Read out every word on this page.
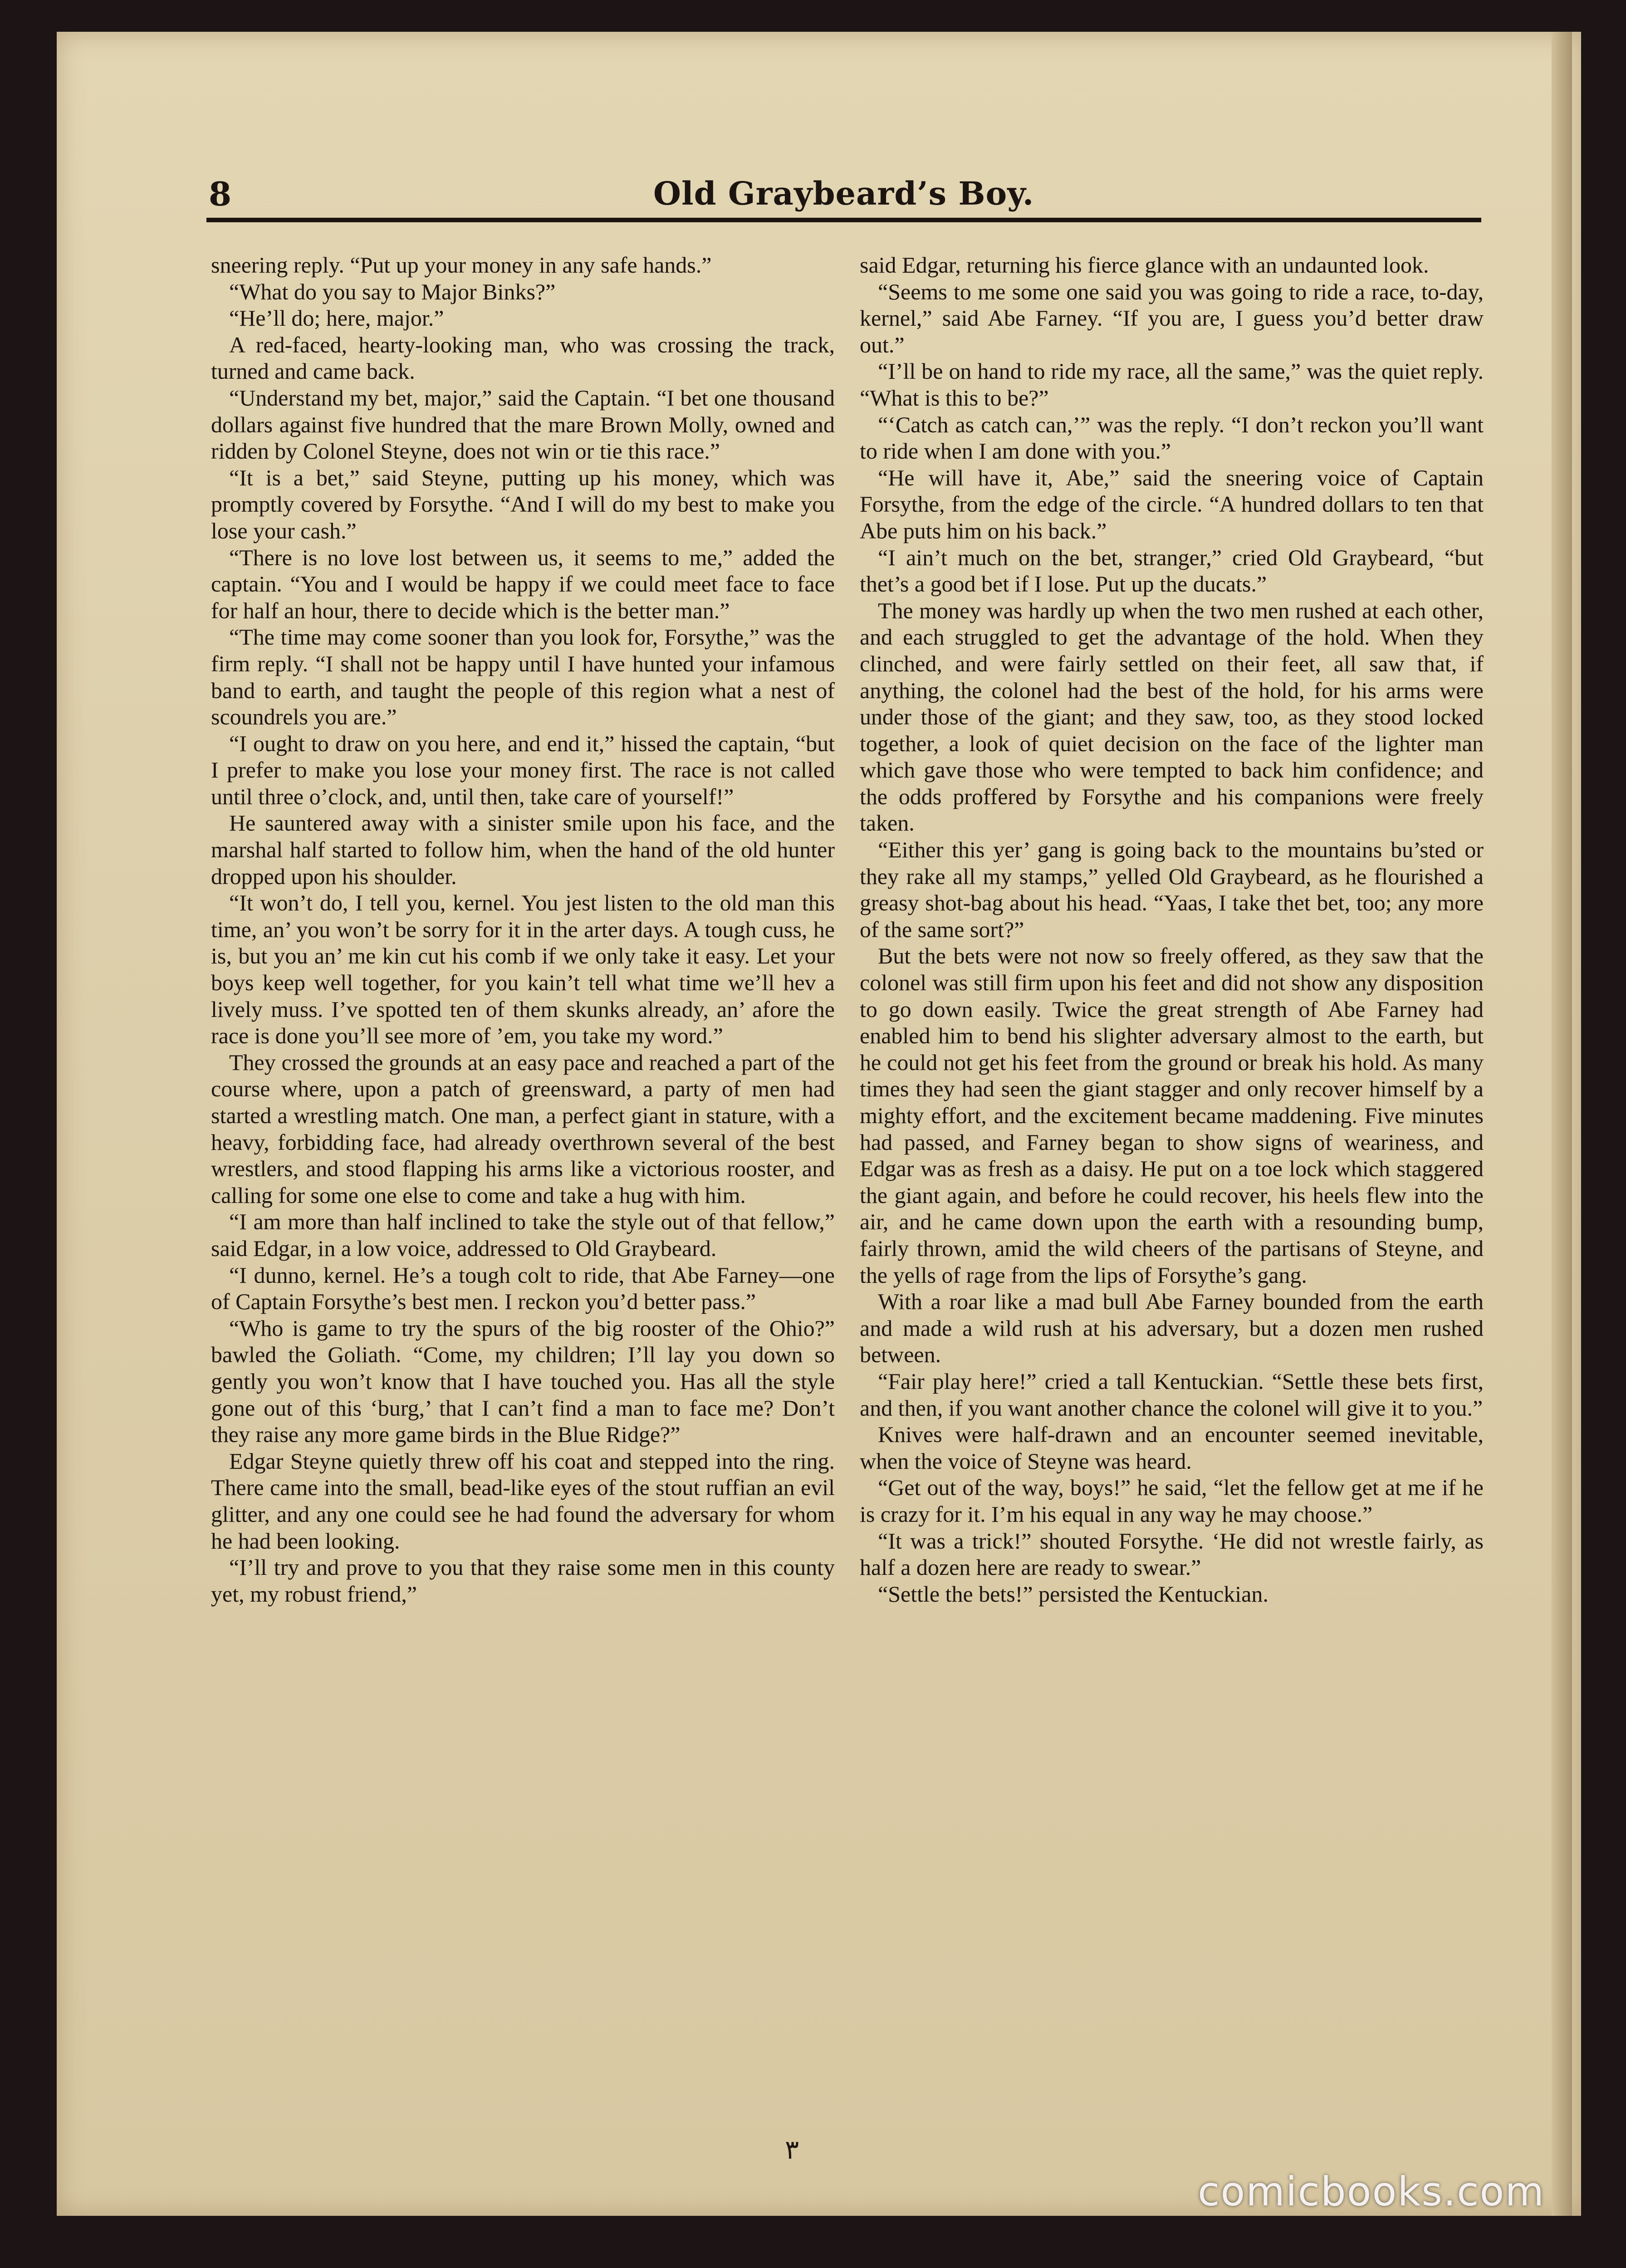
8	Old Graybeard’s Boy.

sneering reply. “Put up your money in any safe hands.”

“What do you say to Major Binks?”

“He’ll do; here, major.”

A red-faced, hearty-looking man, who was crossing the track, turned and came back.

“Understand my bet, major,” said the Captain. “I bet one thousand dollars against five hundred that the mare Brown Molly, owned and ridden by Colonel Steyne, does not win or tie this race.”

“It is a bet,” said Steyne, putting up his money, which was promptly covered by Forsythe. “And I will do my best to make you lose your cash.”

“There is no love lost between us, it seems to me,” added the captain. “You and I would be happy if we could meet face to face for half an hour, there to decide which is the better man.”

“The time may come sooner than you look for, Forsythe,” was the firm reply. “I shall not be happy until I have hunted your infamous band to earth, and taught the people of this region what a nest of scoundrels you are.”

“I ought to draw on you here, and end it,” hissed the captain, “but I prefer to make you lose your money first. The race is not called until three o’clock, and, until then, take care of yourself!”

He sauntered away with a sinister smile upon his face, and the marshal half started to follow him, when the hand of the old hunter dropped upon his shoulder.

“It won’t do, I tell you, kernel. You jest listen to the old man this time, an’ you won’t be sorry for it in the arter days. A tough cuss, he is, but you an’ me kin cut his comb if we only take it easy. Let your boys keep well together, for you kain’t tell what time we’ll hev a lively muss. I’ve spotted ten of them skunks already, an’ afore the race is done you’ll see more of ’em, you take my word.”

They crossed the grounds at an easy pace and reached a part of the course where, upon a patch of greensward, a party of men had started a wrestling match. One man, a perfect giant in stature, with a heavy, forbidding face, had already overthrown several of the best wrestlers, and stood flapping his arms like a victorious rooster, and calling for some one else to come and take a hug with him.

“I am more than half inclined to take the style out of that fellow,” said Edgar, in a low voice, addressed to Old Graybeard.

“I dunno, kernel. He’s a tough colt to ride, that Abe Farney—one of Captain Forsythe’s best men. I reckon you’d better pass.”

“Who is game to try the spurs of the big rooster of the Ohio?” bawled the Goliath. “Come, my children; I’ll lay you down so gently you won’t know that I have touched you. Has all the style gone out of this ‘burg,’ that I can’t find a man to face me? Don’t they raise any more game birds in the Blue Ridge?”

Edgar Steyne quietly threw off his coat and stepped into the ring. There came into the small, bead-like eyes of the stout ruffian an evil glitter, and any one could see he had found the adversary for whom he had been looking.

“I’ll try and prove to you that they raise some men in this county yet, my robust friend,”

said Edgar, returning his fierce glance with an undaunted look.

“Seems to me some one said you was going to ride a race, to-day, kernel,” said Abe Farney. “If you are, I guess you’d better draw out.”

“I’ll be on hand to ride my race, all the same,” was the quiet reply. “What is this to be?”

“‘Catch as catch can,’” was the reply. “I don’t reckon you’ll want to ride when I am done with you.”

“He will have it, Abe,” said the sneering voice of Captain Forsythe, from the edge of the circle. “A hundred dollars to ten that Abe puts him on his back.”

“I ain’t much on the bet, stranger,” cried Old Graybeard, “but thet’s a good bet if I lose. Put up the ducats.”

The money was hardly up when the two men rushed at each other, and each struggled to get the advantage of the hold. When they clinched, and were fairly settled on their feet, all saw that, if anything, the colonel had the best of the hold, for his arms were under those of the giant; and they saw, too, as they stood locked together, a look of quiet decision on the face of the lighter man which gave those who were tempted to back him confidence; and the odds proffered by Forsythe and his companions were freely taken.

“Either this yer’ gang is going back to the mountains bu’sted or they rake all my stamps,” yelled Old Graybeard, as he flourished a greasy shot-bag about his head. “Yaas, I take thet bet, too; any more of the same sort?”

But the bets were not now so freely offered, as they saw that the colonel was still firm upon his feet and did not show any disposition to go down easily. Twice the great strength of Abe Farney had enabled him to bend his slighter adversary almost to the earth, but he could not get his feet from the ground or break his hold. As many times they had seen the giant stagger and only recover himself by a mighty effort, and the excitement became maddening. Five minutes had passed, and Farney began to show signs of weariness, and Edgar was as fresh as a daisy. He put on a toe lock which staggered the giant again, and before he could recover, his heels flew into the air, and he came down upon the earth with a resounding bump, fairly thrown, amid the wild cheers of the partisans of Steyne, and the yells of rage from the lips of Forsythe’s gang.

With a roar like a mad bull Abe Farney bounded from the earth and made a wild rush at his adversary, but a dozen men rushed between.

“Fair play here!” cried a tall Kentuckian. “Settle these bets first, and then, if you want another chance the colonel will give it to you.”

Knives were half-drawn and an encounter seemed inevitable, when the voice of Steyne was heard.

“Get out of the way, boys!” he said, “let the fellow get at me if he is crazy for it. I’m his equal in any way he may choose.”

“It was a trick!” shouted Forsythe. ‘He did not wrestle fairly, as half a dozen here are ready to swear.”

“Settle the bets!” persisted the Kentuckian.

٣
comicbooks.com
